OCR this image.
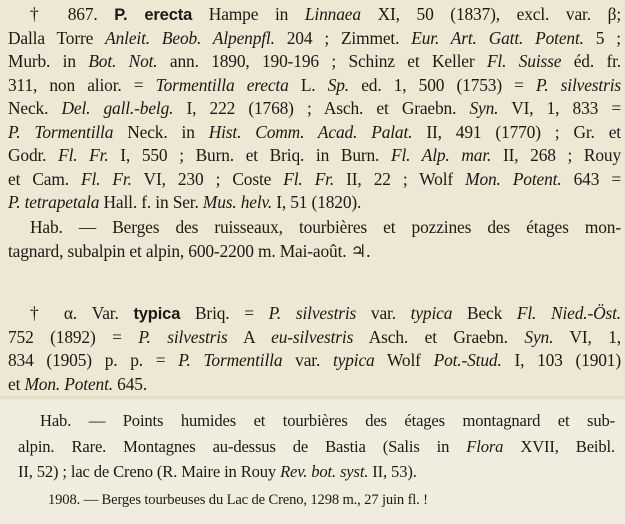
† 867. P. erecta Hampe in Linnaea XI, 50 (1837), excl. var. β;
Dalla Torre Anleit. Beob. Alpenpfl. 204 ; Zimmet. Eur. Art. Gatt. Potent. 5 ;
Murb. in Bot. Not. ann. 1890, 190-196 ; Schinz et Keller Fl. Suisse éd. fr.
311, non alior. = Tormentilla erecta L. Sp. ed. 1, 500 (1753) = P. silvestris
Neck. Del. gall.-belg. I, 222 (1768) ; Asch. et Graebn. Syn. VI, 1, 833 =
P. Tormentilla Neck. in Hist. Comm. Acad. Palat. II, 491 (1770) ; Gr. et
Godr. Fl. Fr. I, 550 ; Burn. et Briq. in Burn. Fl. Alp. mar. II, 268 ; Rouy
et Cam. Fl. Fr. VI, 230 ; Coste Fl. Fr. II, 22 ; Wolf Mon. Potent. 643 =
P. tetrapetala Hall. f. in Ser. Mus. helv. I, 51 (1820).
Hab. — Berges des ruisseaux, tourbières et pozzines des étages mon-
tagnard, subalpin et alpin, 600-2200 m. Mai-août. ♃.
† α. Var. typica Briq. = P. silvestris var. typica Beck Fl. Nied.-Öst.
752 (1892) = P. silvestris A eu-silvestris Asch. et Graebn. Syn. VI, 1,
834 (1905) p. p. = P. Tormentilla var. typica Wolf Pot.-Stud. I, 103 (1901)
et Mon. Potent. 645.
Hab. — Points humides et tourbières des étages montagnard et sub-
alpin. Rare. Montagnes au-dessus de Bastia (Salis in Flora XVII, Beibl.
II, 52) ; lac de Creno (R. Maire in Rouy Rev. bot. syst. II, 53).
1908. — Berges tourbeuses du Lac de Creno, 1298 m., 27 juin fl. !
